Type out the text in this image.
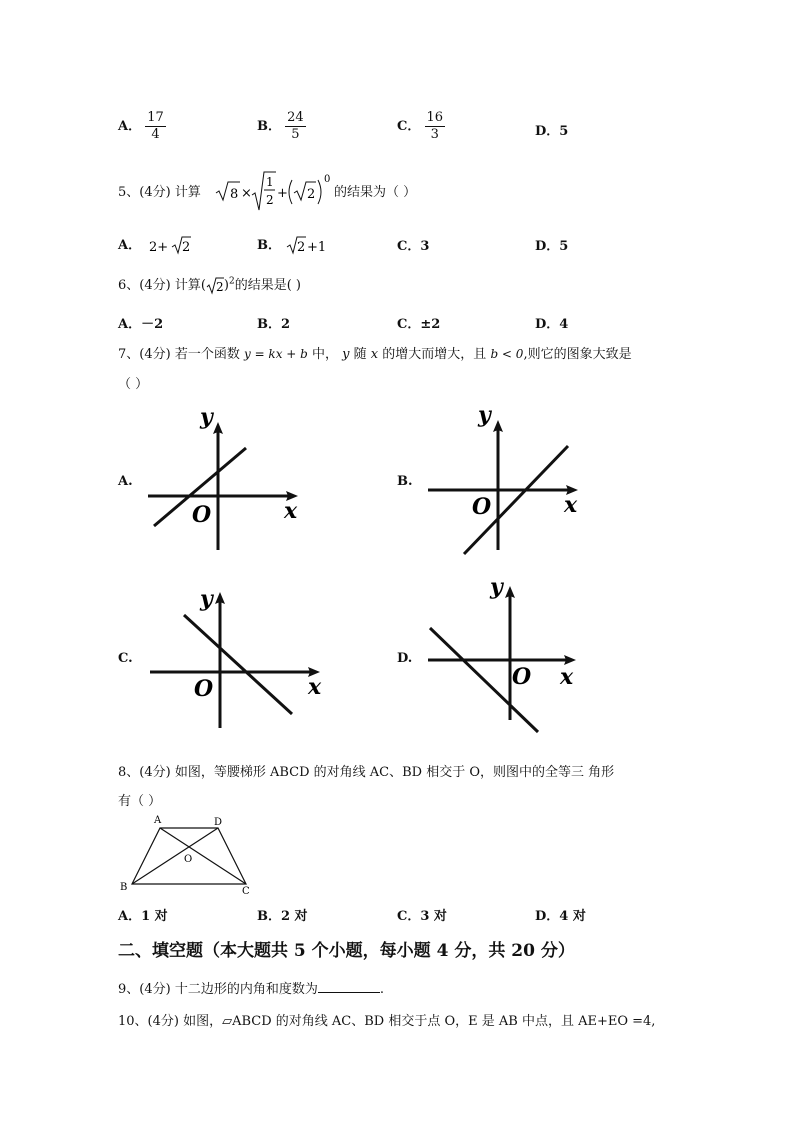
A． $\frac{17}{4}$	B． $\frac{24}{5}$	C． $\frac{16}{3}$	D．5
5、(4分) 计算 8 ×
1
2 + 2
0
的结果为（ ）
A． 2+ 2	B． 2 +1	C．3	D．5
6、(4分) 计算( 2 )$^2$的结果是( )
A．－2	B．2	C．±2	D．4
7、(4分) 若一个函数 y = kx + b 中， y 随 x 的增大而增大，且 b < 0,则它的图象大致是
（ ）
A.	B.
C.	D.
y
x
O
y
x
O
y
x
O
y
x
O
8、(4分) 如图，等腰梯形 ABCD 的对角线 AC、BD 相交于 O，则图中的全等三 角形
有（ ）
A	D
B	C
O
A．1 对	B．2 对	C．3 对	D．4 对
二、填空题（本大题共 5 个小题，每小题 4 分，共 20 分）
9、(4分) 十二边形的内角和度数为	.
10、(4分) 如图，▱ABCD 的对角线 AC、BD 相交于点 O，E 是 AB 中点，且 AE+EO =4,
